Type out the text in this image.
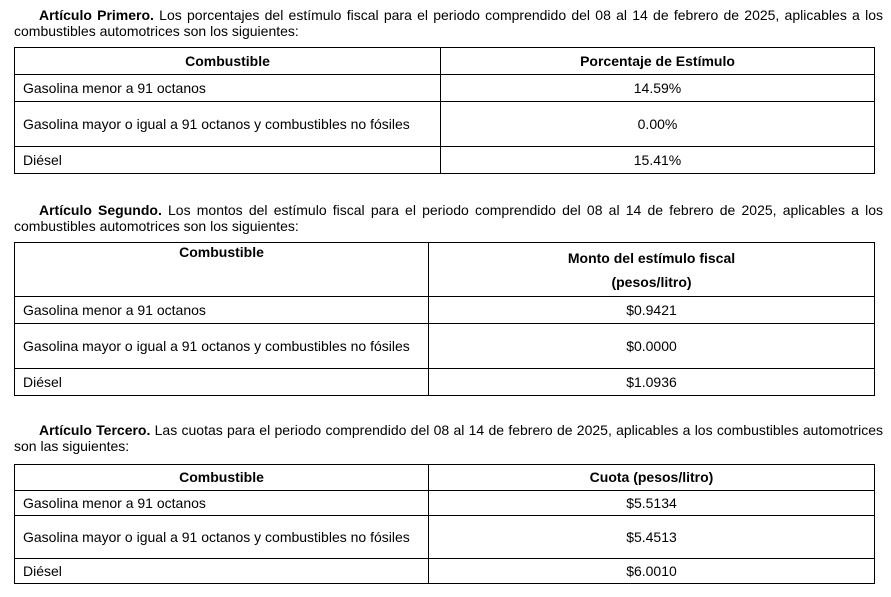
Artículo Primero. Los porcentajes del estímulo fiscal para el periodo comprendido del 08 al 14 de febrero de 2025, aplicables a los combustibles automotrices son los siguientes:

Combustible	Porcentaje de Estímulo
Gasolina menor a 91 octanos	14.59%
Gasolina mayor o igual a 91 octanos y combustibles no fósiles	0.00%
Diésel	15.41%

Artículo Segundo. Los montos del estímulo fiscal para el periodo comprendido del 08 al 14 de febrero de 2025, aplicables a los combustibles automotrices son los siguientes:

Combustible	Monto del estímulo fiscal
(pesos/litro)

Gasolina menor a 91 octanos	$0.9421
Gasolina mayor o igual a 91 octanos y combustibles no fósiles	$0.0000
Diésel	$1.0936

Artículo Tercero. Las cuotas para el periodo comprendido del 08 al 14 de febrero de 2025, aplicables a los combustibles automotrices son las siguientes:

Combustible	Cuota (pesos/litro)
Gasolina menor a 91 octanos	$5.5134
Gasolina mayor o igual a 91 octanos y combustibles no fósiles	$5.4513
Diésel	$6.0010
